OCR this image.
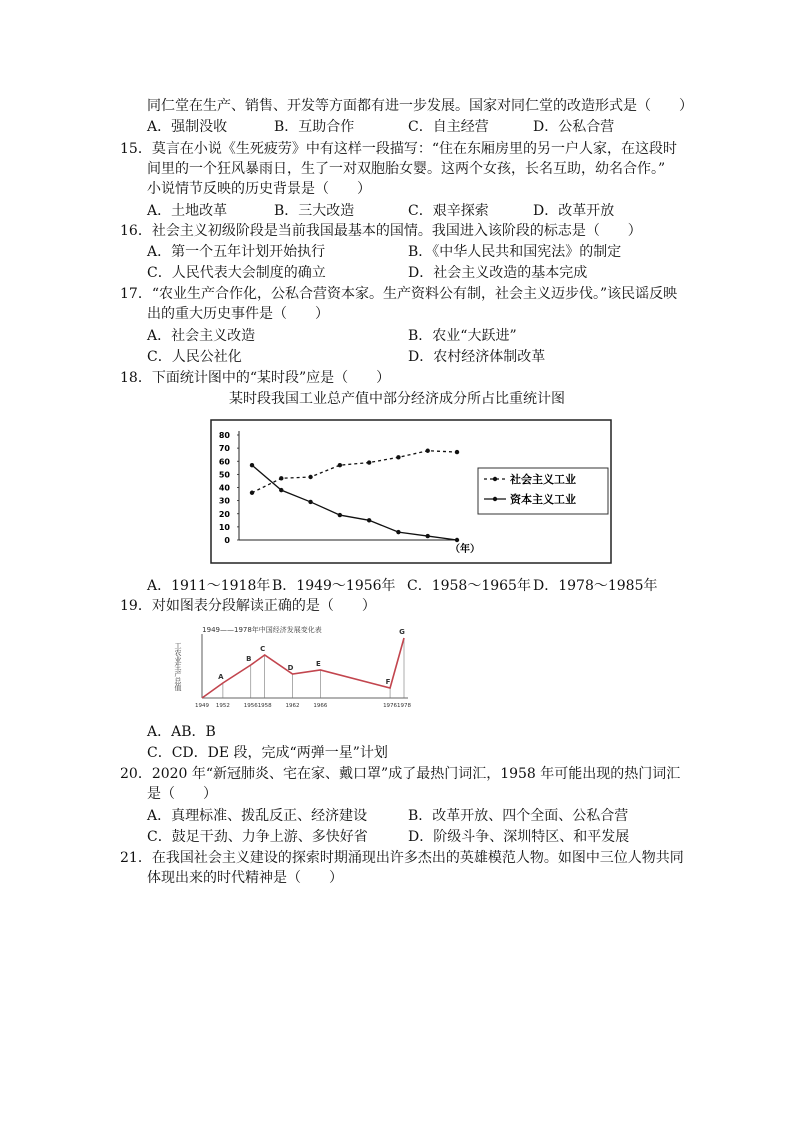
同仁堂在生产、销售、开发等方面都有进一步发展。国家对同仁堂的改造形式是（　　）
A．强制没收	B．互助合作	C．自主经营	D．公私合营
15．莫言在小说《生死疲劳》中有这样一段描写：“住在东厢房里的另一户人家，在这段时
间里的一个狂风暴雨日，生了一对双胞胎女婴。这两个女孩，长名互助，幼名合作。”
小说情节反映的历史背景是（　　）
A．土地改革	B．三大改造	C．艰辛探索	D．改革开放
16．社会主义初级阶段是当前我国最基本的国情。我国进入该阶段的标志是（　　）
A．第一个五年计划开始执行	B．《中华人民共和国宪法》的制定
C．人民代表大会制度的确立	D．社会主义改造的基本完成
17．“农业生产合作化，公私合营资本家。生产资料公有制，社会主义迈步伐。”该民谣反映
出的重大历史事件是（　　）
A．社会主义改造	B．农业“大跃进”
C．人民公社化	D．农村经济体制改革
18．下面统计图中的“某时段”应是（　　）
某时段我国工业总产值中部分经济成分所占比重统计图
0
10
20
30
40
50
60
70
80
（年）
社会主义工业
资本主义工业
A．1911～1918年 B．1949～1956年 C．1958～1965年 D．1978～1985年
19．对如图表分段解读正确的是（　　）
1949——1978年中国经济发展变化表
工农业生产总值	A
B
C
D	E
F
G
1949 1952	1956 1958	1962	1966	1976 1978
A．AB．B
C．CD．DE 段，完成“两弹一星”计划
20．2020 年“新冠肺炎、宅在家、戴口罩”成了最热门词汇，1958 年可能出现的热门词汇
是（　　）
A．真理标准、拨乱反正、经济建设	B．改革开放、四个全面、公私合营
C．鼓足干劲、力争上游、多快好省	D．阶级斗争、深圳特区、和平发展
21．在我国社会主义建设的探索时期涌现出许多杰出的英雄模范人物。如图中三位人物共同
体现出来的时代精神是（　　）
